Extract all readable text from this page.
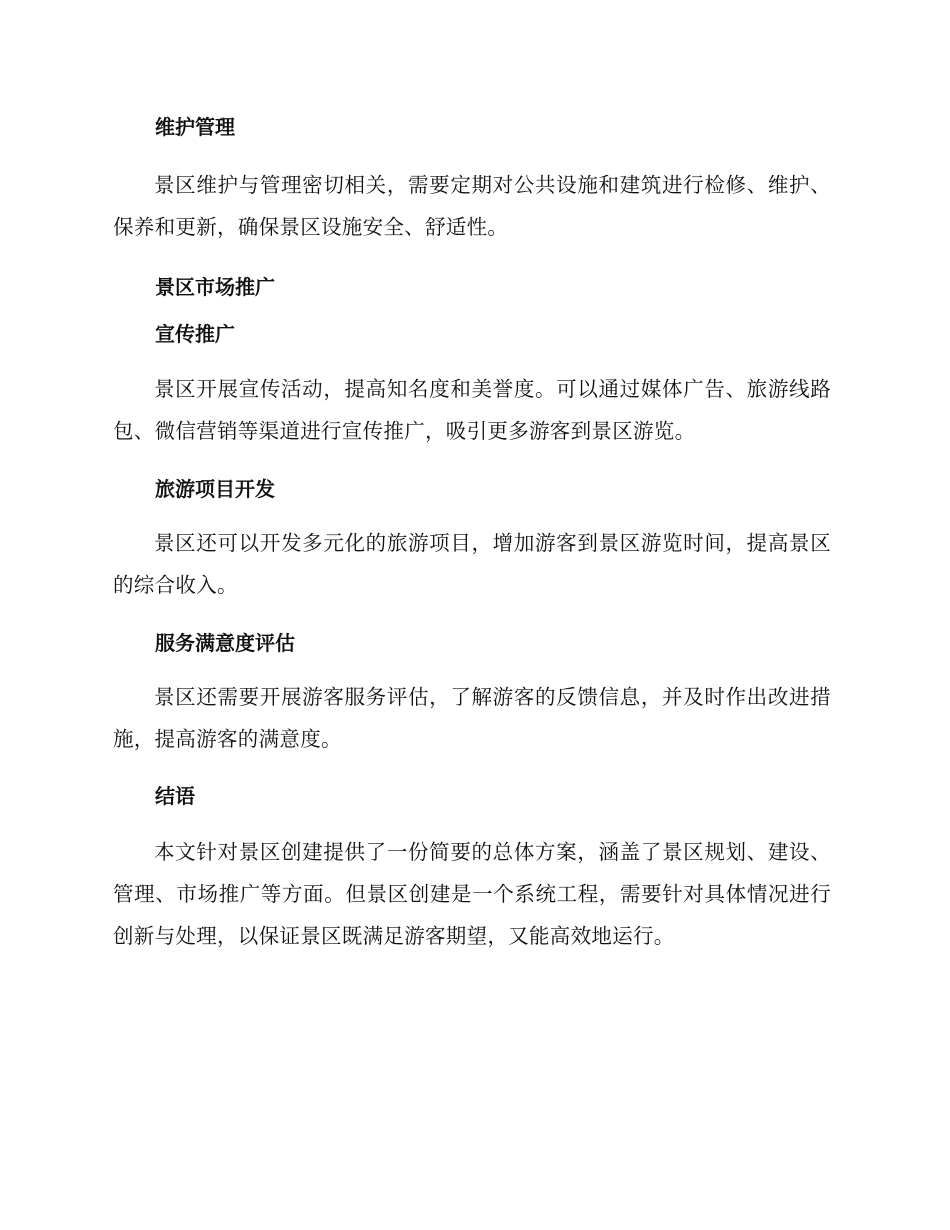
维护管理

景区维护与管理密切相关，需要定期对公共设施和建筑进行检修、维护、保养和更新，确保景区设施安全、舒适性。

景区市场推广
宣传推广

景区开展宣传活动，提高知名度和美誉度。可以通过媒体广告、旅游线路包、微信营销等渠道进行宣传推广，吸引更多游客到景区游览。

旅游项目开发

景区还可以开发多元化的旅游项目，增加游客到景区游览时间，提高景区的综合收入。

服务满意度评估

景区还需要开展游客服务评估，了解游客的反馈信息，并及时作出改进措施，提高游客的满意度。

结语

本文针对景区创建提供了一份简要的总体方案，涵盖了景区规划、建设、管理、市场推广等方面。但景区创建是一个系统工程，需要针对具体情况进行创新与处理，以保证景区既满足游客期望，又能高效地运行。
